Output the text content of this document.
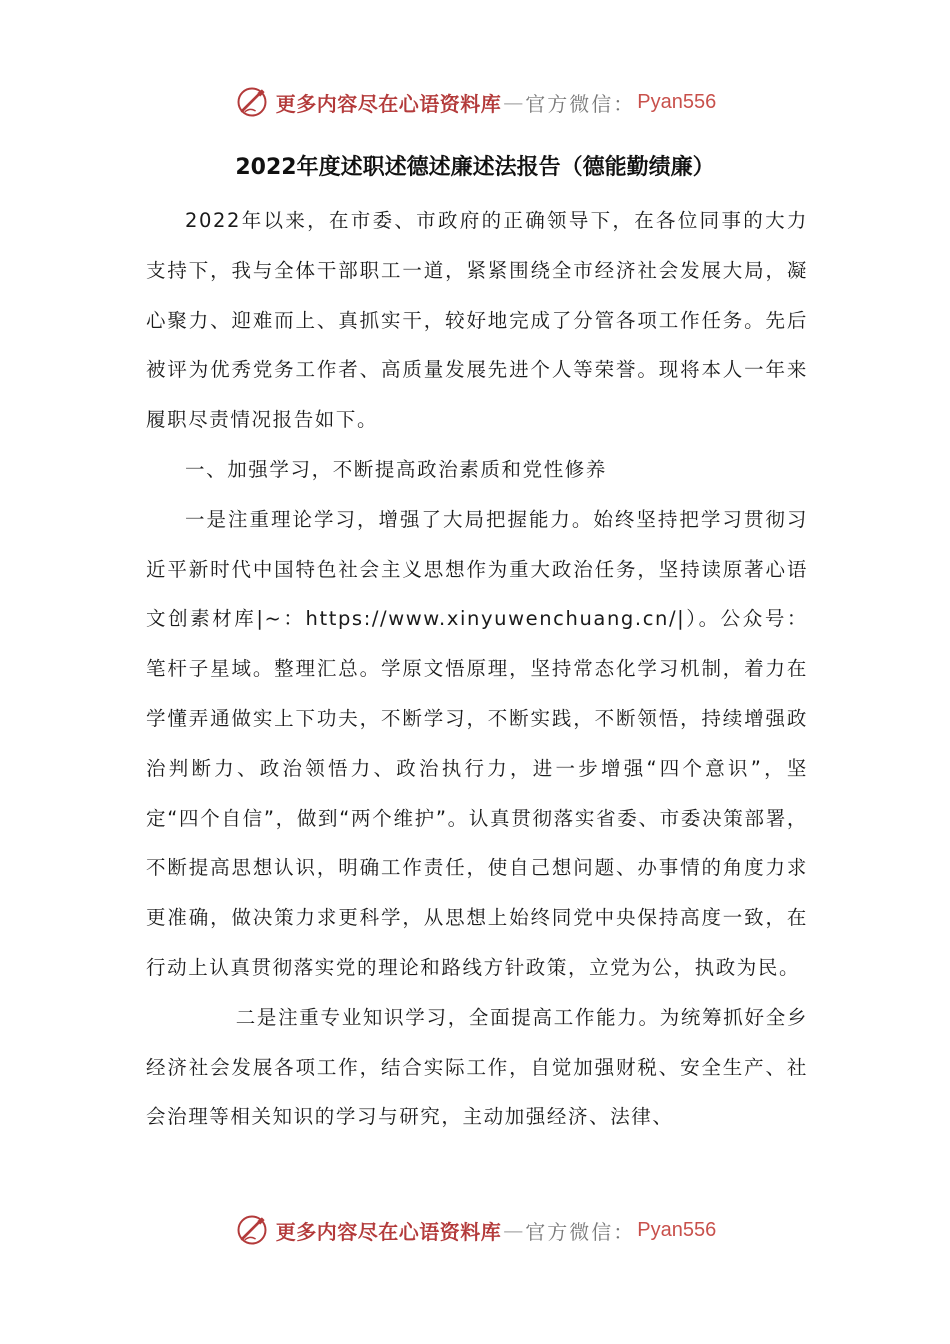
更多内容尽在心语资料库 — 官方微信： Pyan556
2022年度述职述德述廉述法报告（德能勤绩廉）

2022年以来，在市委、市政府的正确领导下，在各位同事的大力支持下，我与全体干部职工一道，紧紧围绕全市经济社会发展大局，凝心聚力、迎难而上、真抓实干，较好地完成了分管各项工作任务。先后被评为优秀党务工作者、高质量发展先进个人等荣誉。现将本人一年来履职尽责情况报告如下。

一、加强学习，不断提高政治素质和党性修养

一是注重理论学习，增强了大局把握能力。始终坚持把学习贯彻习近平新时代中国特色社会主义思想作为重大政治任务，坚持读原著心语文创素材库|~：https://www.xinyuwenchuang.cn/|）。公众号：笔杆子星域。整理汇总。学原文悟原理，坚持常态化学习机制，着力在学懂弄通做实上下功夫，不断学习，不断实践，不断领悟，持续增强政治判断力、政治领悟力、政治执行力，进一步增强“四个意识”，坚定“四个自信”，做到“两个维护”。认真贯彻落实省委、市委决策部署，不断提高思想认识，明确工作责任，使自己想问题、办事情的角度力求更准确，做决策力求更科学，从思想上始终同党中央保持高度一致，在行动上认真贯彻落实党的理论和路线方针政策，立党为公，执政为民。

二是注重专业知识学习，全面提高工作能力。为统筹抓好全乡经济社会发展各项工作，结合实际工作，自觉加强财税、安全生产、社会治理等相关知识的学习与研究，主动加强经济、法律、

更多内容尽在心语资料库 — 官方微信： Pyan556
